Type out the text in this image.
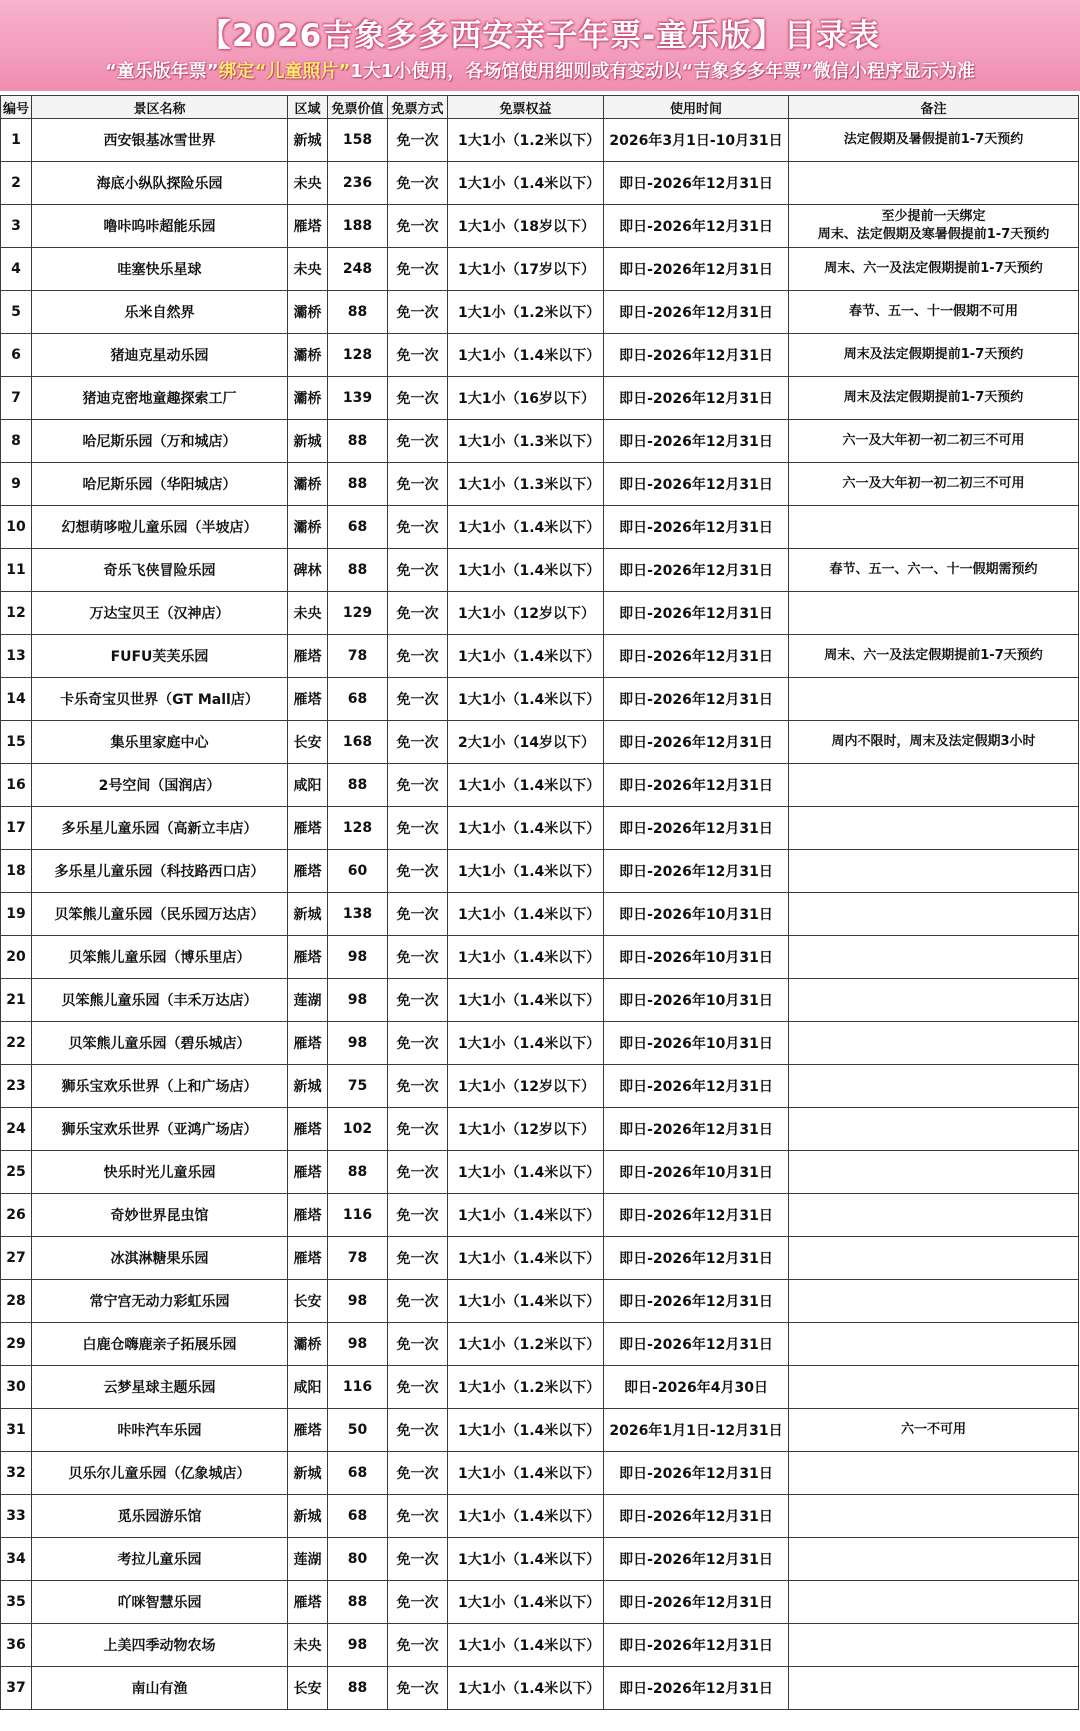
【2026吉象多多西安亲子年票-童乐版】目录表
“童乐版年票”绑定“儿童照片”1大1小使用，各场馆使用细则或有变动以“吉象多多年票”微信小程序显示为准
编号	景区名称	区域	免票价值	免票方式	免票权益	使用时间	备注
1	西安银基冰雪世界	新城	158	免一次	1大1小（1.2米以下）	2026年3月1日-10月31日	法定假期及暑假提前1-7天预约
2	海底小纵队探险乐园	未央	236	免一次	1大1小（1.4米以下）	即日-2026年12月31日	
3	噜咔呜咔超能乐园	雁塔	188	免一次	1大1小（18岁以下）	即日-2026年12月31日	至少提前一天绑定
周末、法定假期及寒暑假提前1-7天预约

4	哇塞快乐星球	未央	248	免一次	1大1小（17岁以下）	即日-2026年12月31日	周末、六一及法定假期提前1-7天预约
5	乐米自然界	灞桥	88	免一次	1大1小（1.2米以下）	即日-2026年12月31日	春节、五一、十一假期不可用
6	猪迪克星动乐园	灞桥	128	免一次	1大1小（1.4米以下）	即日-2026年12月31日	周末及法定假期提前1-7天预约
7	猪迪克密地童趣探索工厂	灞桥	139	免一次	1大1小（16岁以下）	即日-2026年12月31日	周末及法定假期提前1-7天预约
8	哈尼斯乐园（万和城店）	新城	88	免一次	1大1小（1.3米以下）	即日-2026年12月31日	六一及大年初一初二初三不可用
9	哈尼斯乐园（华阳城店）	灞桥	88	免一次	1大1小（1.3米以下）	即日-2026年12月31日	六一及大年初一初二初三不可用
10	幻想萌哆啦儿童乐园（半坡店）	灞桥	68	免一次	1大1小（1.4米以下）	即日-2026年12月31日	
11	奇乐飞侠冒险乐园	碑林	88	免一次	1大1小（1.4米以下）	即日-2026年12月31日	春节、五一、六一、十一假期需预约
12	万达宝贝王（汉神店）	未央	129	免一次	1大1小（12岁以下）	即日-2026年12月31日	
13	FUFU芙芙乐园	雁塔	78	免一次	1大1小（1.4米以下）	即日-2026年12月31日	周末、六一及法定假期提前1-7天预约
14	卡乐奇宝贝世界（GT Mall店）	雁塔	68	免一次	1大1小（1.4米以下）	即日-2026年12月31日	
15	集乐里家庭中心	长安	168	免一次	2大1小（14岁以下）	即日-2026年12月31日	周内不限时，周末及法定假期3小时
16	2号空间（国润店）	咸阳	88	免一次	1大1小（1.4米以下）	即日-2026年12月31日	
17	多乐星儿童乐园（高新立丰店）	雁塔	128	免一次	1大1小（1.4米以下）	即日-2026年12月31日	
18	多乐星儿童乐园（科技路西口店）	雁塔	60	免一次	1大1小（1.4米以下）	即日-2026年12月31日	
19	贝笨熊儿童乐园（民乐园万达店）	新城	138	免一次	1大1小（1.4米以下）	即日-2026年10月31日	
20	贝笨熊儿童乐园（博乐里店）	雁塔	98	免一次	1大1小（1.4米以下）	即日-2026年10月31日	
21	贝笨熊儿童乐园（丰禾万达店）	莲湖	98	免一次	1大1小（1.4米以下）	即日-2026年10月31日	
22	贝笨熊儿童乐园（碧乐城店）	雁塔	98	免一次	1大1小（1.4米以下）	即日-2026年10月31日	
23	狮乐宝欢乐世界（上和广场店）	新城	75	免一次	1大1小（12岁以下）	即日-2026年12月31日	
24	狮乐宝欢乐世界（亚鸿广场店）	雁塔	102	免一次	1大1小（12岁以下）	即日-2026年12月31日	
25	快乐时光儿童乐园	雁塔	88	免一次	1大1小（1.4米以下）	即日-2026年10月31日	
26	奇妙世界昆虫馆	雁塔	116	免一次	1大1小（1.4米以下）	即日-2026年12月31日	
27	冰淇淋糖果乐园	雁塔	78	免一次	1大1小（1.4米以下）	即日-2026年12月31日	
28	常宁宫无动力彩虹乐园	长安	98	免一次	1大1小（1.4米以下）	即日-2026年12月31日	
29	白鹿仓嗨鹿亲子拓展乐园	灞桥	98	免一次	1大1小（1.2米以下）	即日-2026年12月31日	
30	云梦星球主题乐园	咸阳	116	免一次	1大1小（1.2米以下）	即日-2026年4月30日	
31	咔咔汽车乐园	雁塔	50	免一次	1大1小（1.4米以下）	2026年1月1日-12月31日	六一不可用
32	贝乐尔儿童乐园（亿象城店）	新城	68	免一次	1大1小（1.4米以下）	即日-2026年12月31日	
33	觅乐园游乐馆	新城	68	免一次	1大1小（1.4米以下）	即日-2026年12月31日	
34	考拉儿童乐园	莲湖	80	免一次	1大1小（1.4米以下）	即日-2026年12月31日	
35	吖咪智慧乐园	雁塔	88	免一次	1大1小（1.4米以下）	即日-2026年12月31日	
36	上美四季动物农场	未央	98	免一次	1大1小（1.4米以下）	即日-2026年12月31日	
37	南山有渔	长安	88	免一次	1大1小（1.4米以下）	即日-2026年12月31日	
